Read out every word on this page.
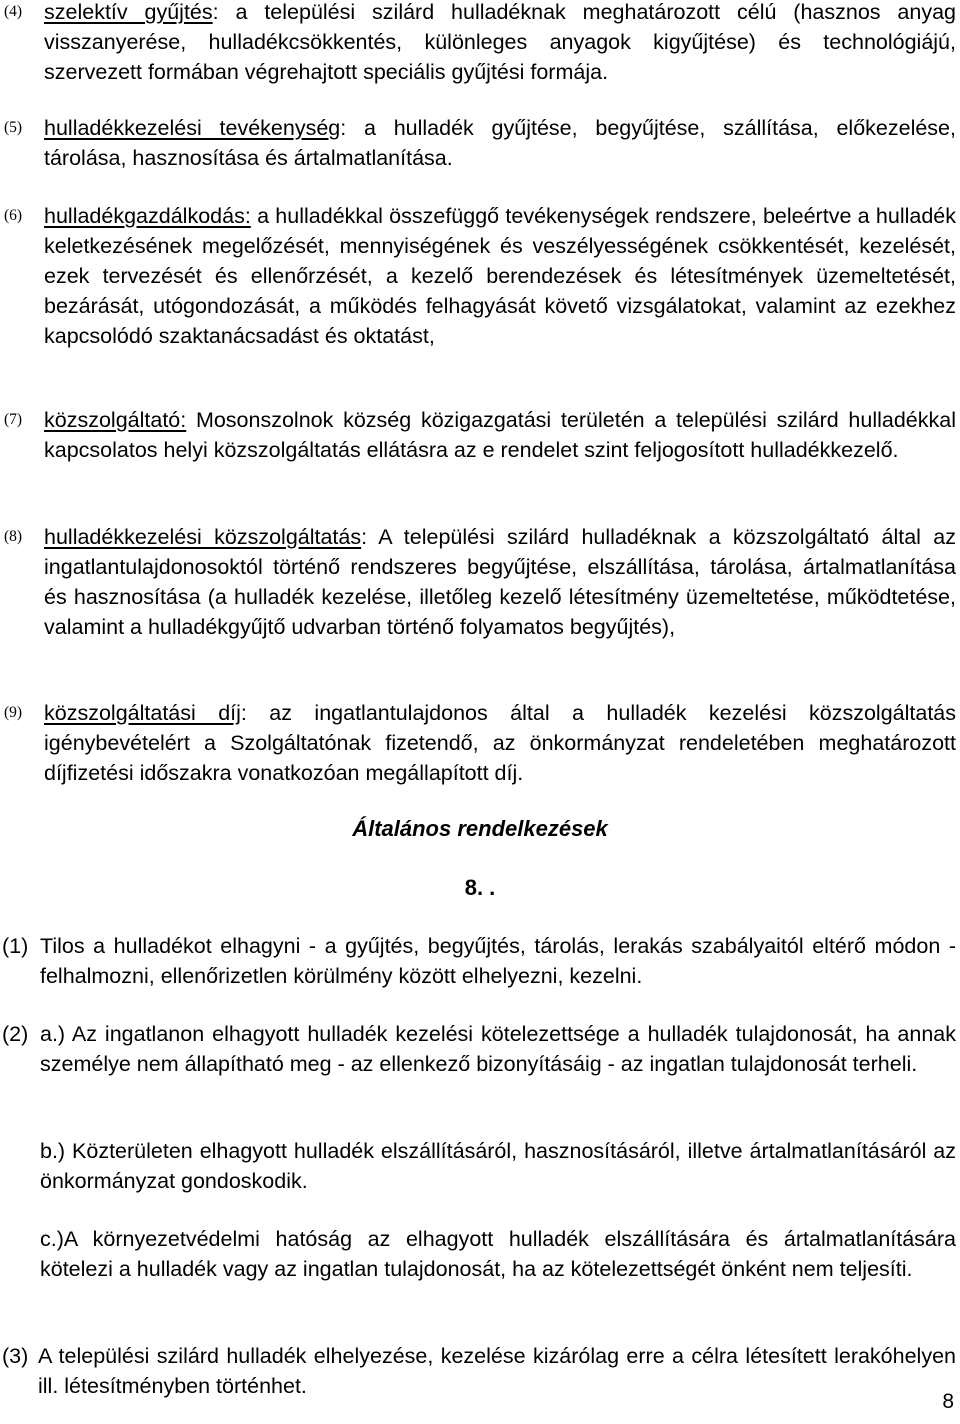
(4) szelektív gyűjtés: a települési szilárd hulladéknak meghatározott célú (hasznos anyag visszanyerése, hulladékcsökkentés, különleges anyagok kigyűjtése) és technológiájú, szervezett formában végrehajtott speciális gyűjtési formája.
(5) hulladékkezelési tevékenység: a hulladék gyűjtése, begyűjtése, szállítása, előkezelése, tárolása, hasznosítása és ártalmatlanítása.
(6) hulladékgazdálkodás: a hulladékkal összefüggő tevékenységek rendszere, beleértve a hulladék keletkezésének megelőzését, mennyiségének és veszélyességének csökkentését, kezelését, ezek tervezését és ellenőrzését, a kezelő berendezések és létesítmények üzemeltetését, bezárását, utógondozását, a működés felhagyását követő vizsgálatokat, valamint az ezekhez kapcsolódó szaktanácsadást és oktatást,
(7) közszolgáltató: Mosonszolnok község közigazgatási területén a települési szilárd hulladékkal kapcsolatos helyi közszolgáltatás ellátásra az e rendelet szint feljogosított hulladékkezelő.
(8) hulladékkezelési közszolgáltatás: A települési szilárd hulladéknak a közszolgáltató által az ingatlantulajdonosoktól történő rendszeres begyűjtése, elszállítása, tárolása, ártalmatlanítása és hasznosítása (a hulladék kezelése, illetőleg kezelő létesítmény üzemeltetése, működtetése, valamint a hulladékgyűjtő udvarban történő folyamatos begyűjtés),
(9) közszolgáltatási díj: az ingatlantulajdonos által a hulladék kezelési közszolgáltatás igénybevételért a Szolgáltatónak fizetendő, az önkormányzat rendeletében meghatározott díjfizetési időszakra vonatkozóan megállapított díj.
Általános rendelkezések
8. .
(1) Tilos a hulladékot elhagyni - a gyűjtés, begyűjtés, tárolás, lerakás szabályaitól eltérő módon - felhalmozni, ellenőrizetlen körülmény között elhelyezni, kezelni.
(2) a.) Az ingatlanon elhagyott hulladék kezelési kötelezettsége a hulladék tulajdonosát, ha annak személye nem állapítható meg - az ellenkező bizonyításáig - az ingatlan tulajdonosát terheli.
b.) Közterületen elhagyott hulladék elszállításáról, hasznosításáról, illetve ártalmatlanításáról az önkormányzat gondoskodik.
c.)A környezetvédelmi hatóság az elhagyott hulladék elszállítására és ártalmatlanítására kötelezi a hulladék vagy az ingatlan tulajdonosát, ha az kötelezettségét önként nem teljesíti.
(3) A települési szilárd hulladék elhelyezése, kezelése kizárólag erre a célra létesített lerakóhelyen ill. létesítményben történhet.
8
